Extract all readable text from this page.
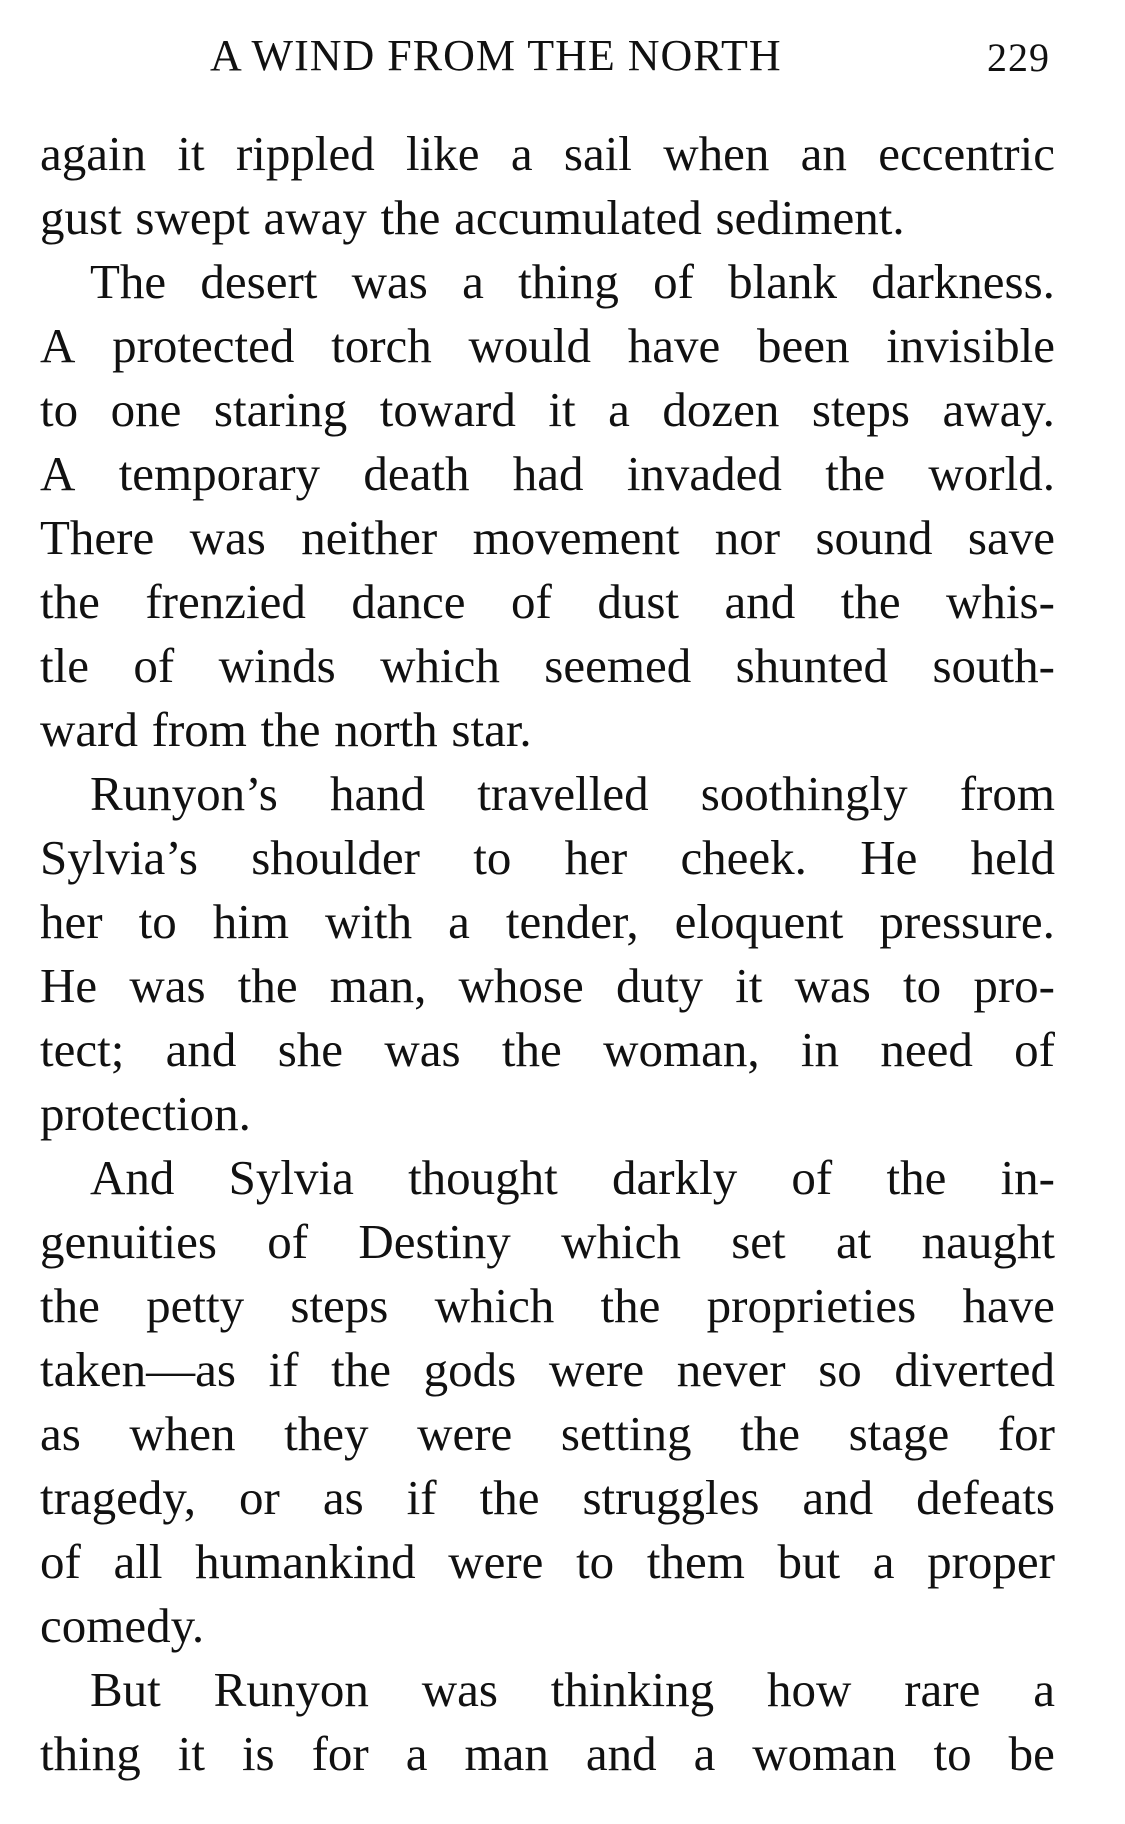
A WIND FROM THE NORTH	229
again it rippled like a sail when an eccentric
gust swept away the accumulated sediment.
The desert was a thing of blank darkness.
A protected torch would have been invisible
to one staring toward it a dozen steps away.
A temporary death had invaded the world.
There was neither movement nor sound save
the frenzied dance of dust and the whis-
tle of winds which seemed shunted south-
ward from the north star.
Runyon’s hand travelled soothingly from
Sylvia’s shoulder to her cheek. He held
her to him with a tender, eloquent pressure.
He was the man, whose duty it was to pro-
tect; and she was the woman, in need of
protection.
And Sylvia thought darkly of the in-
genuities of Destiny which set at naught
the petty steps which the proprieties have
taken—as if the gods were never so diverted
as when they were setting the stage for
tragedy, or as if the struggles and defeats
of all humankind were to them but a proper
comedy.
But Runyon was thinking how rare a
thing it is for a man and a woman to be
